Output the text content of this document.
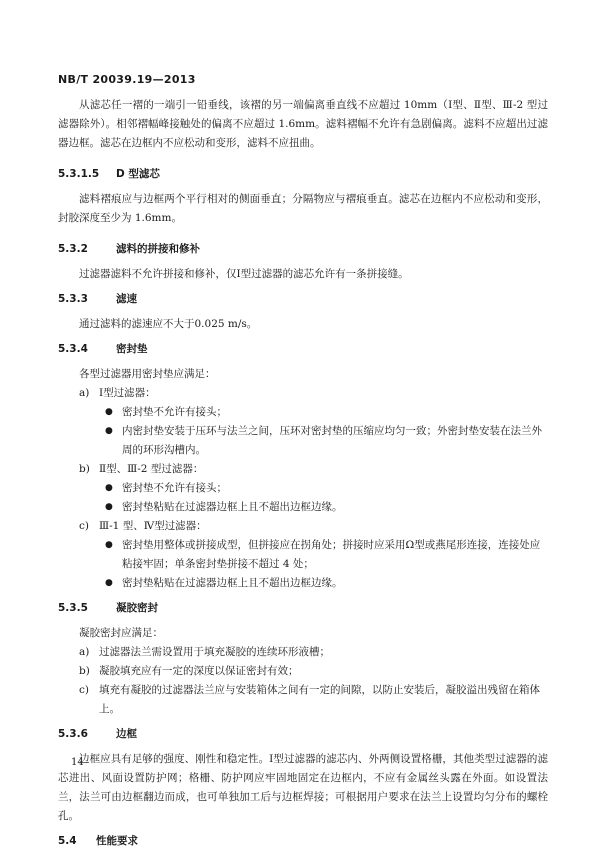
NB/T 20039.19—2013

从滤芯任一褶的一端引一铅垂线，该褶的另一端偏离垂直线不应超过 10mm（Ⅰ型、Ⅱ型、Ⅲ-2 型过滤器除外）。相邻褶幅峰接触处的偏离不应超过 1.6mm。滤料褶幅不允许有急剧偏离。滤料不应超出过滤器边框。滤芯在边框内不应松动和变形，滤料不应扭曲。

5.3.1.5 D 型滤芯

滤料褶痕应与边框两个平行相对的侧面垂直；分隔物应与褶痕垂直。滤芯在边框内不应松动和变形，封胶深度至少为 1.6mm。

5.3.2	滤料的拼接和修补

过滤器滤料不允许拼接和修补，仅Ⅰ型过滤器的滤芯允许有一条拼接缝。

5.3.3	滤速

通过滤料的滤速应不大于0.025 m/s。

5.3.4	密封垫

各型过滤器用密封垫应满足：

a) Ⅰ型过滤器：
● 密封垫不允许有接头；
● 内密封垫安装于压环与法兰之间，压环对密封垫的压缩应均匀一致；外密封垫安装在法兰外周的环形沟槽内。
b) Ⅱ型、Ⅲ-2 型过滤器：
● 密封垫不允许有接头；
● 密封垫粘贴在过滤器边框上且不超出边框边缘。
c) Ⅲ-1 型、Ⅳ型过滤器：
● 密封垫用整体或拼接成型，但拼接应在拐角处；拼接时应采用Ω型或燕尾形连接，连接处应粘接牢固；单条密封垫拼接不超过 4 处；
● 密封垫粘贴在过滤器边框上且不超出边框边缘。

5.3.5	凝胶密封

凝胶密封应满足：

a) 过滤器法兰需设置用于填充凝胶的连续环形液槽；
b) 凝胶填充应有一定的深度以保证密封有效；
c) 填充有凝胶的过滤器法兰应与安装箱体之间有一定的间隙，以防止安装后，凝胶溢出残留在箱体上。

5.3.6	边框

边框应具有足够的强度、刚性和稳定性。Ⅰ型过滤器的滤芯内、外两侧设置格栅，其他类型过滤器的滤芯进出、风面设置防护网；格栅、防护网应牢固地固定在边框内，不应有金属丝头露在外面。如设置法兰，法兰可由边框翻边而成，也可单独加工后与边框焊接；可根据用户要求在法兰上设置均匀分布的螺栓孔。

5.4 性能要求

14
